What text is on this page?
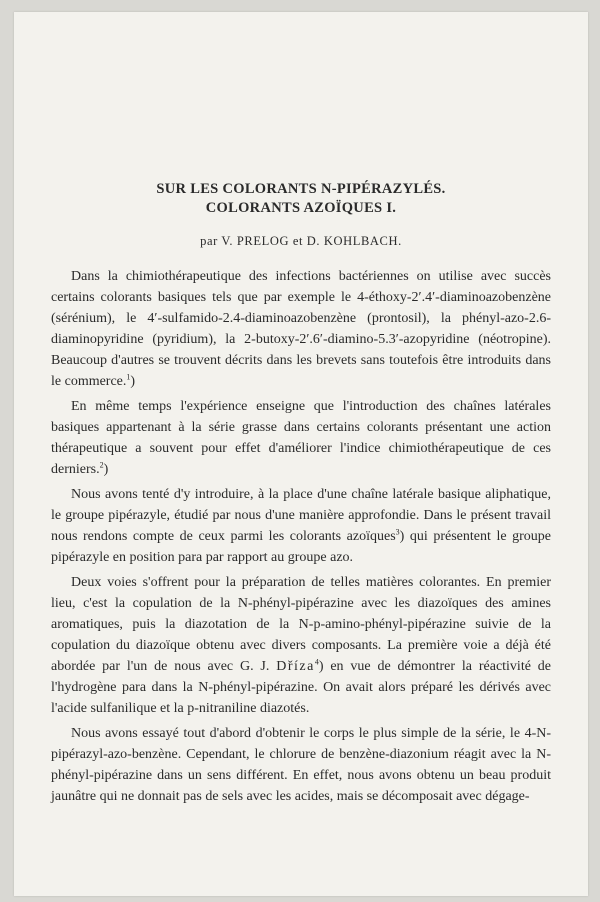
SUR LES COLORANTS N-PIPÉRAZYLÉS.
COLORANTS AZOÏQUES I.
par V. PRELOG et D. KOHLBACH.

Dans la chimiothérapeutique des infections bactériennes on utilise avec succès certains colorants basiques tels que par exemple le 4-éthoxy-2′.4′-diaminoazobenzène (sérénium), le 4′-sulfamido-2.4-diaminoazobenzène (prontosil), la phényl-azo-2.6-diaminopyridine (pyridium), la 2-butoxy-2′.6′-diamino-5.3′-azopyridine (néotropine). Beaucoup d'autres se trouvent décrits dans les brevets sans toutefois être introduits dans le commerce.$^1$)

En même temps l'expérience enseigne que l'introduction des chaînes latérales basiques appartenant à la série grasse dans certains colorants présentant une action thérapeutique a souvent pour effet d'améliorer l'indice chimiothérapeutique de ces derniers.$^2$)

Nous avons tenté d'y introduire, à la place d'une chaîne latérale basique aliphatique, le groupe pipérazyle, étudié par nous d'une manière approfondie. Dans le présent travail nous rendons compte de ceux parmi les colorants azoïques$^3$) qui présentent le groupe pipérazyle en position para par rapport au groupe azo.

Deux voies s'offrent pour la préparation de telles matières colorantes. En premier lieu, c'est la copulation de la N-phényl-pipérazine avec les diazoïques des amines aromatiques, puis la diazotation de la N-p-amino-phényl-pipérazine suivie de la copulation du diazoïque obtenu avec divers composants. La première voie a déjà été abordée par l'un de nous avec G. J. Dříza$^4$) en vue de démontrer la réactivité de l'hydrogène para dans la N-phényl-pipérazine. On avait alors préparé les dérivés avec l'acide sulfanilique et la p-nitraniline diazotés.

Nous avons essayé tout d'abord d'obtenir le corps le plus simple de la série, le 4-N-pipérazyl-azo-benzène. Cependant, le chlorure de benzène-diazonium réagit avec la N-phényl-pipérazine dans un sens différent. En effet, nous avons obtenu un beau produit jaunâtre qui ne donnait pas de sels avec les acides, mais se décomposait avec dégage-
